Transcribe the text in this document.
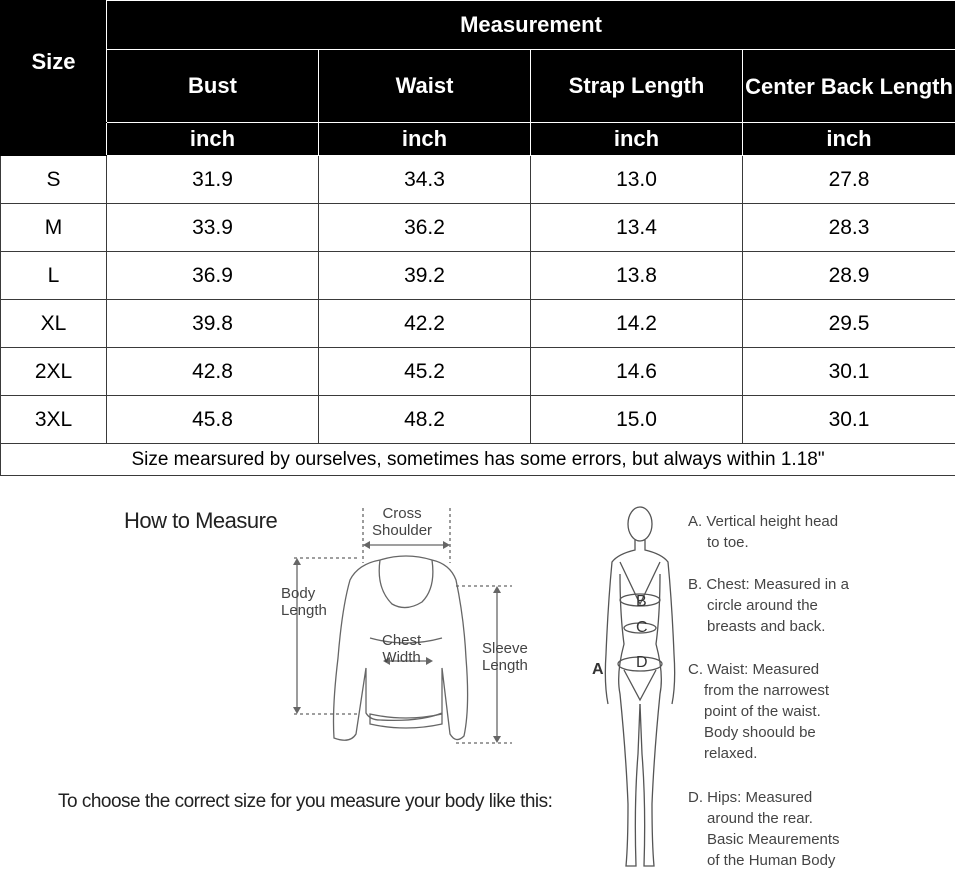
Size	Measurement			
	Bust	Waist	Strap Length	Center Back Length
	inch	inch	inch	inch
S	31.9	34.3	13.0	27.8
M	33.9	36.2	13.4	28.3
L	36.9	39.2	13.8	28.9
XL	39.8	42.2	14.2	29.5
2XL	42.8	45.2	14.6	30.1
3XL	45.8	48.2	15.0	30.1
Size mearsured by ourselves, sometimes has some errors, but always within 1.18"				
How to Measure	Cross
Shoulder
Body
Length
Chest
Width
Sleeve
Length
To choose the correct size for you measure your body like this:
A
B
C
D
A. Vertical height head
to toe.
B. Chest: Measured in a
circle around the
breasts and back.
C. Waist: Measured
from the narrowest
point of the waist.
Body shoould be
relaxed.
D. Hips: Measured
around the rear.
Basic Meaurements
of the Human Body
